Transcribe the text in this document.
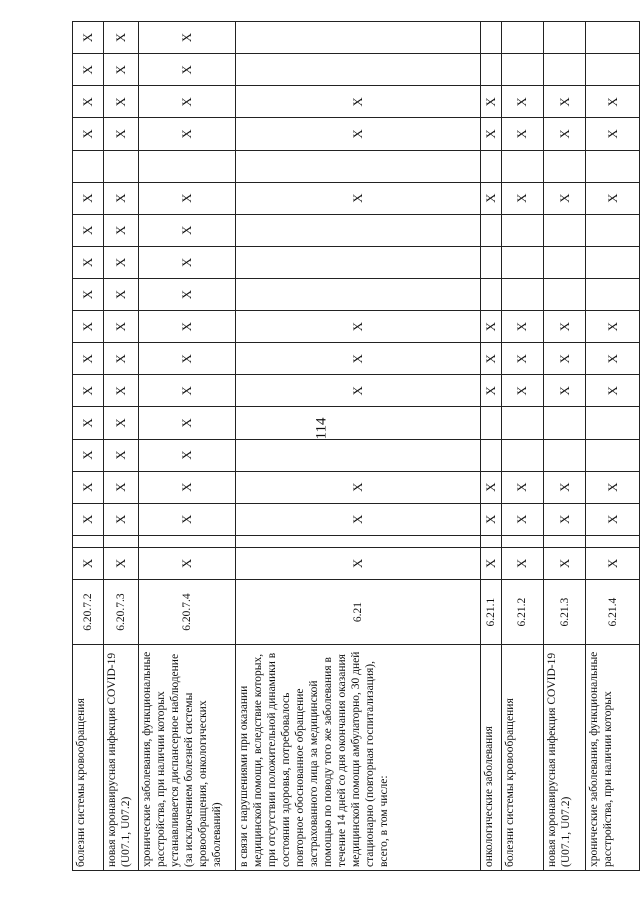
114
болезни системы кровообращения	6.20.7.2	X		X	X	X	X	X	X	X	X	X	X	X		X	X	X	X
новая коронавирусная инфекция COVID-19 (U07.1, U07.2)	6.20.7.3	X		X	X	X	X	X	X	X	X	X	X	X		X	X	X	X
хронические заболевания, функциональные расстройства, при наличии которых устанавливается диспансерное наблюдение (за исключением болезней системы кровообращения, онкологических заболеваний)	6.20.7.4	X		X	X	X	X	X	X	X	X	X	X	X		X	X	X	X
в связи с нарушениями при оказании медицинской помощи, вследствие которых, при отсутствии положительной динамики в состоянии здоровья, потребовалось повторное обоснованное обращение застрахованного лица за медицинской помощью по поводу того же заболевания в течение 14 дней со дня окончания оказания медицинской помощи амбулаторно, 30 дней стационарно (повторная госпитализация), всего, в том числе:	6.21	X		X	X			X	X	X				X		X	X		
онкологические заболевания	6.21.1	X		X	X			X	X	X				X		X	X		
болезни системы кровообращения	6.21.2	X		X	X			X	X	X				X		X	X		
новая коронавирусная инфекция COVID-19 (U07.1, U07.2)	6.21.3	X		X	X			X	X	X				X		X	X		
хронические заболевания, функциональные расстройства, при наличии которых	6.21.4	X		X	X			X	X	X				X		X	X		
